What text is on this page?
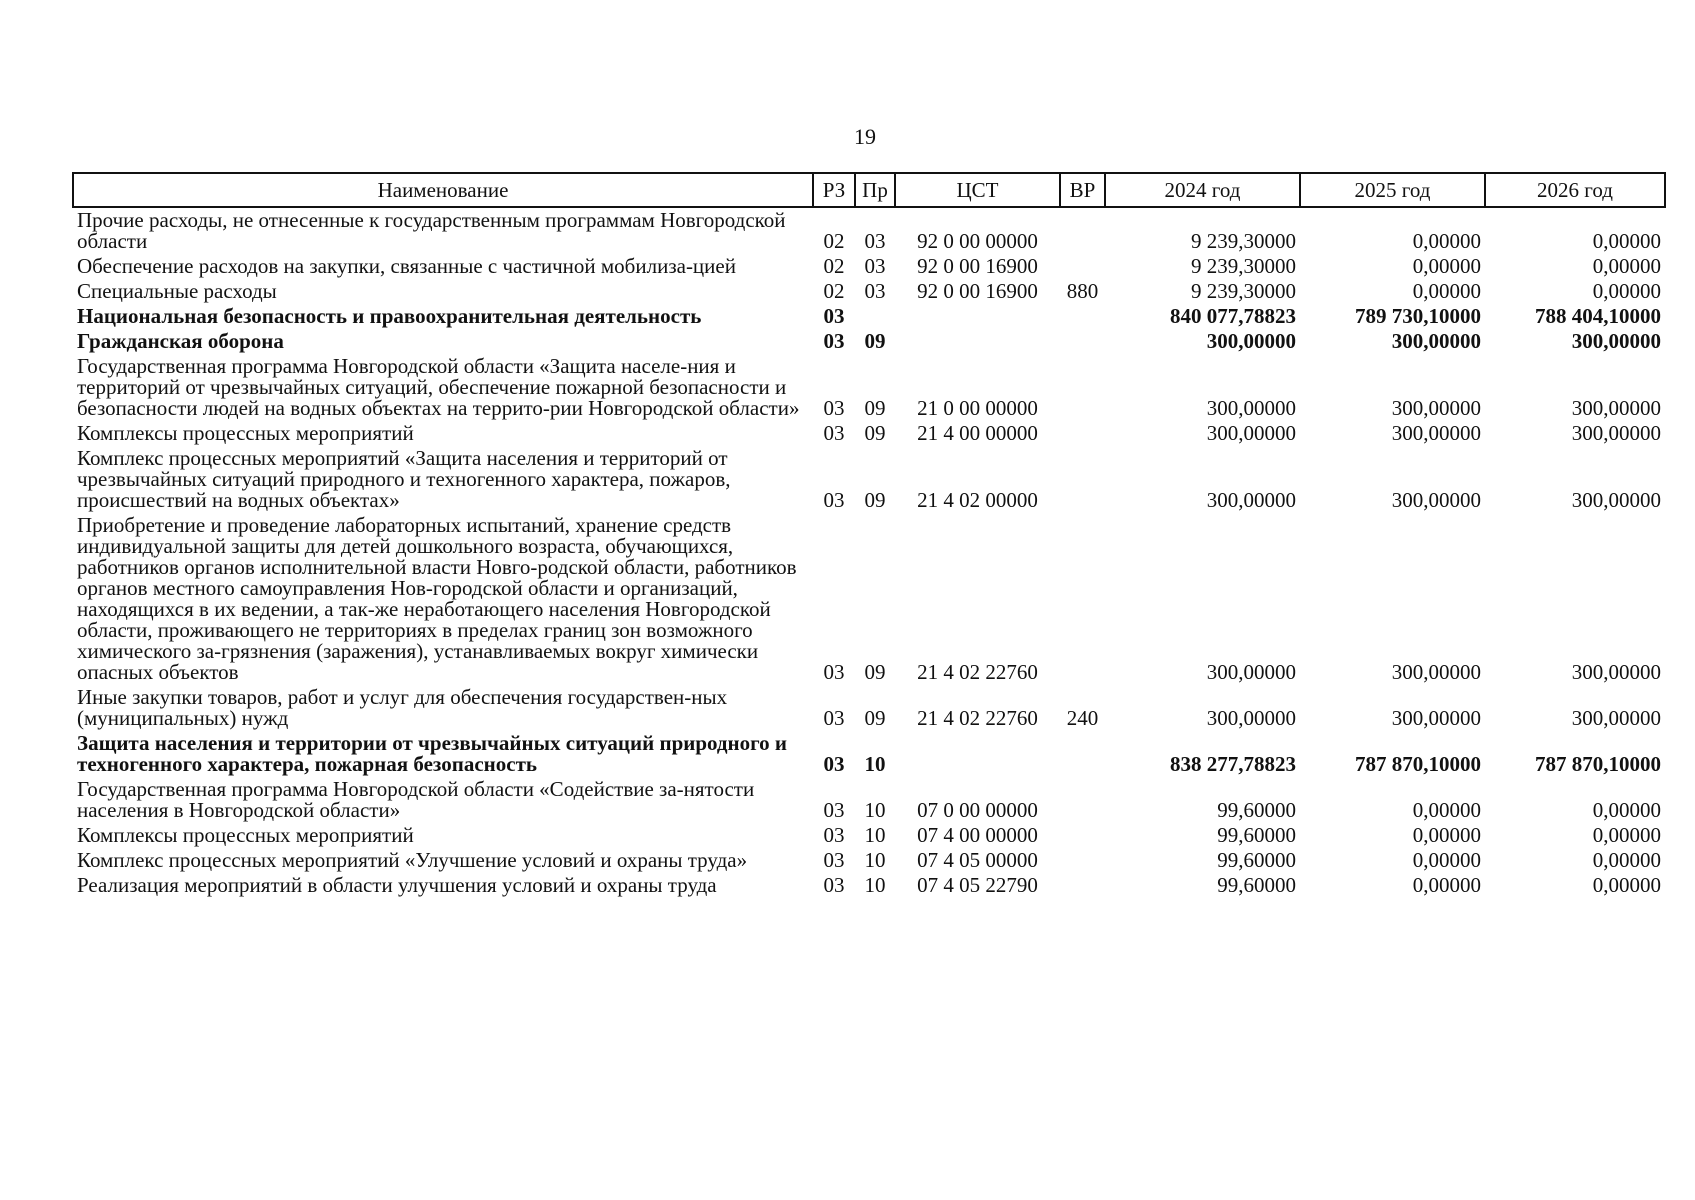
19
Наименование	РЗ	Пр	ЦСТ	ВР	2024 год	2025 год	2026 год
Прочие расходы, не отнесенные к государственным программам Новгородской области	02	03	92 0 00 00000		9 239,30000	0,00000	0,00000
Обеспечение расходов на закупки, связанные с частичной мобилиза-цией	02	03	92 0 00 16900		9 239,30000	0,00000	0,00000
Специальные расходы	02	03	92 0 00 16900	880	9 239,30000	0,00000	0,00000
Национальная безопасность и правоохранительная деятельность	03				840 077,78823	789 730,10000	788 404,10000
Гражданская оборона	03	09			300,00000	300,00000	300,00000
Государственная программа Новгородской области «Защита населе-ния и территорий от чрезвычайных ситуаций, обеспечение пожарной безопасности и безопасности людей на водных объектах на террито-рии Новгородской области»	03	09	21 0 00 00000		300,00000	300,00000	300,00000
Комплексы процессных мероприятий	03	09	21 4 00 00000		300,00000	300,00000	300,00000
Комплекс процессных мероприятий «Защита населения и территорий от чрезвычайных ситуаций природного и техногенного характера, пожаров, происшествий на водных объектах»	03	09	21 4 02 00000		300,00000	300,00000	300,00000
Приобретение и проведение лабораторных испытаний, хранение средств индивидуальной защиты для детей дошкольного возраста, обучающихся, работников органов исполнительной власти Новго-родской области, работников органов местного самоуправления Нов-городской области и организаций, находящихся в их ведении, а так-же неработающего населения Новгородской области, проживающего не территориях в пределах границ зон возможного химического за-грязнения (заражения), устанавливаемых вокруг химически опасных объектов	03	09	21 4 02 22760		300,00000	300,00000	300,00000
Иные закупки товаров, работ и услуг для обеспечения государствен-ных (муниципальных) нужд	03	09	21 4 02 22760	240	300,00000	300,00000	300,00000
Защита населения и территории от чрезвычайных ситуаций природного и техногенного характера, пожарная безопасность	03	10			838 277,78823	787 870,10000	787 870,10000
Государственная программа Новгородской области «Содействие за-нятости населения в Новгородской области»	03	10	07 0 00 00000		99,60000	0,00000	0,00000
Комплексы процессных мероприятий	03	10	07 4 00 00000		99,60000	0,00000	0,00000
Комплекс процессных мероприятий «Улучшение условий и охраны труда»	03	10	07 4 05 00000		99,60000	0,00000	0,00000
Реализация мероприятий в области улучшения условий и охраны труда	03	10	07 4 05 22790		99,60000	0,00000	0,00000
